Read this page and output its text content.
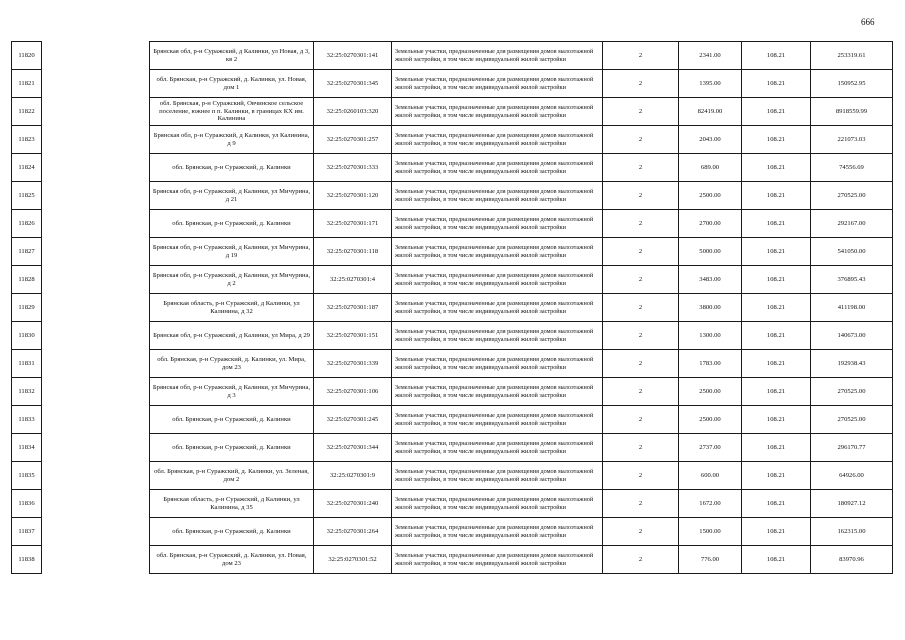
666
11820		Брянская обл, р-н Суражский, д Калинки, ул Новая, д 3, кв 2	32:25:0270301:141	Земельные участки, предназначенные для размещения домов малоэтажной жилой застройки, в том числе индивидуальной жилой застройки	2	2341.00	108.21	253319.61
11821		обл. Брянская, р-н Суражский, д. Калинки, ул. Новая, дом 1	32:25:0270301:345	Земельные участки, предназначенные для размещения домов малоэтажной жилой застройки, в том числе индивидуальной жилой застройки	2	1395.00	108.21	150952.95
11822		обл. Брянская, р-н Суражский, Овчинское сельское поселение, южнее п п. Калинки, в границах КХ им. Калинина	32:25:0260103:320	Земельные участки, предназначенные для размещения домов малоэтажной жилой застройки, в том числе индивидуальной жилой застройки	2	82419.00	108.21	8918559.99
11823		Брянская обл, р-н Суражский, д Калинки, ул Калинина, д 9	32:25:0270301:257	Земельные участки, предназначенные для размещения домов малоэтажной жилой застройки, в том числе индивидуальной жилой застройки	2	2043.00	108.21	221073.03
11824		обл. Брянская, р-н Суражский, д. Калинки	32:25:0270301:333	Земельные участки, предназначенные для размещения домов малоэтажной жилой застройки, в том числе индивидуальной жилой застройки	2	689.00	108.21	74556.69
11825		Брянская обл, р-н Суражский, д Калинки, ул Мичурина, д 21	32:25:0270301:120	Земельные участки, предназначенные для размещения домов малоэтажной жилой застройки, в том числе индивидуальной жилой застройки	2	2500.00	108.21	270525.00
11826		обл. Брянская, р-н Суражский, д. Калинки	32:25:0270301:171	Земельные участки, предназначенные для размещения домов малоэтажной жилой застройки, в том числе индивидуальной жилой застройки	2	2700.00	108.21	292167.00
11827		Брянская обл, р-н Суражский, д Калинки, ул Мичурина, д 19	32:25:0270301:118	Земельные участки, предназначенные для размещения домов малоэтажной жилой застройки, в том числе индивидуальной жилой застройки	2	5000.00	108.21	541050.00
11828		Брянская обл, р-н Суражский, д Калинки, ул Мичурина, д 2	32:25:0270301:4	Земельные участки, предназначенные для размещения домов малоэтажной жилой застройки, в том числе индивидуальной жилой застройки	2	3483.00	108.21	376895.43
11829		Брянская область, р-н Суражский, д Калинки, ул Калинина, д 32	32:25:0270301:187	Земельные участки, предназначенные для размещения домов малоэтажной жилой застройки, в том числе индивидуальной жилой застройки	2	3800.00	108.21	411198.00
11830		Брянская обл, р-н Суражский, д Калинки, ул Мира, д 29	32:25:0270301:151	Земельные участки, предназначенные для размещения домов малоэтажной жилой застройки, в том числе индивидуальной жилой застройки	2	1300.00	108.21	140673.00
11831		обл. Брянская, р-н Суражский, д. Калинки, ул. Мира, дом 23	32:25:0270301:339	Земельные участки, предназначенные для размещения домов малоэтажной жилой застройки, в том числе индивидуальной жилой застройки	2	1783.00	108.21	192938.43
11832		Брянская обл, р-н Суражский, д Калинки, ул Мичурина, д 3	32:25:0270301:106	Земельные участки, предназначенные для размещения домов малоэтажной жилой застройки, в том числе индивидуальной жилой застройки	2	2500.00	108.21	270525.00
11833		обл. Брянская, р-н Суражский, д. Калинки	32:25:0270301:245	Земельные участки, предназначенные для размещения домов малоэтажной жилой застройки, в том числе индивидуальной жилой застройки	2	2500.00	108.21	270525.00
11834		обл. Брянская, р-н Суражский, д. Калинки	32:25:0270301:344	Земельные участки, предназначенные для размещения домов малоэтажной жилой застройки, в том числе индивидуальной жилой застройки	2	2737.00	108.21	296170.77
11835		обл. Брянская, р-н Суражский, д. Калинки, ул. Зеленая, дом 2	32:25:0270301:9	Земельные участки, предназначенные для размещения домов малоэтажной жилой застройки, в том числе индивидуальной жилой застройки	2	600.00	108.21	64926.00
11836		Брянская область, р-н Суражский, д Калинки, ул Калинина, д 35	32:25:0270301:240	Земельные участки, предназначенные для размещения домов малоэтажной жилой застройки, в том числе индивидуальной жилой застройки	2	1672.00	108.21	180927.12
11837		обл. Брянская, р-н Суражский, д. Калинки	32:25:0270301:264	Земельные участки, предназначенные для размещения домов малоэтажной жилой застройки, в том числе индивидуальной жилой застройки	2	1500.00	108.21	162315.00
11838		обл. Брянская, р-н Суражский, д. Калинки, ул. Новая, дом 23	32:25:0270301:52	Земельные участки, предназначенные для размещения домов малоэтажной жилой застройки, в том числе индивидуальной жилой застройки	2	776.00	108.21	83970.96
